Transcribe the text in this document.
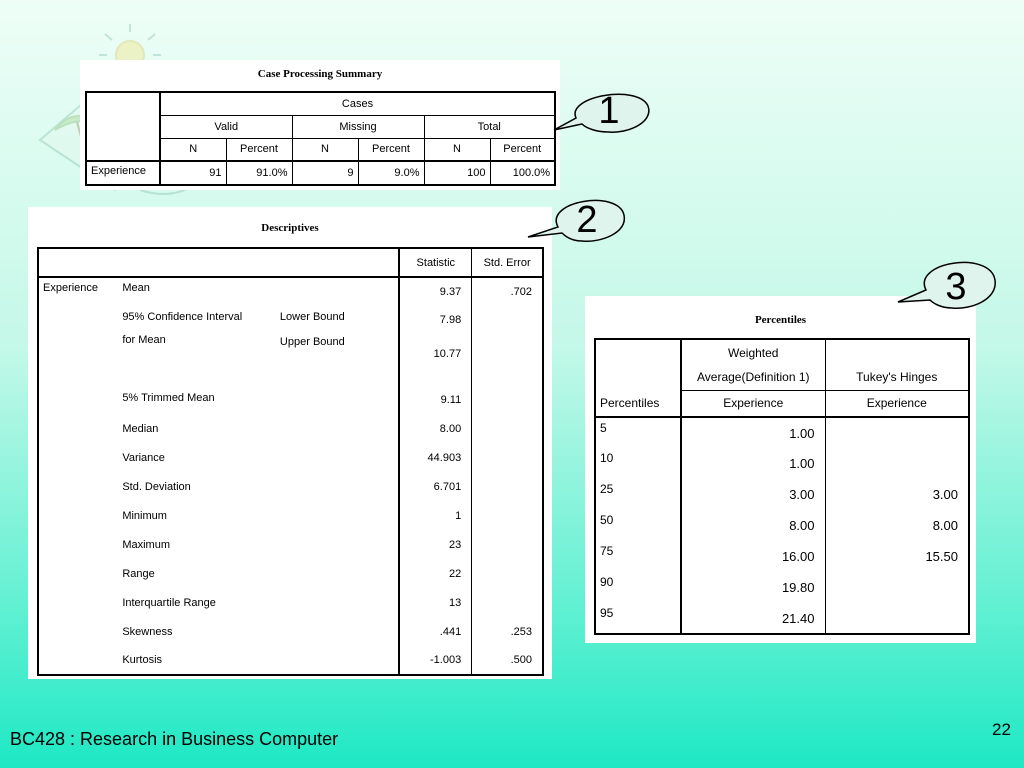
Case Processing Summary
	Cases					
	Valid		Missing		Total	
	N	Percent	N	Percent	N	Percent
Experience	91	91.0%	9	9.0%	100	100.0%
Descriptives
			Statistic	Std. Error
Experience	Mean		9.37	.702
	95% Confidence Interval	Lower Bound	7.98	
	for Mean	Upper Bound	10.77	
	5% Trimmed Mean		9.11	
	Median		8.00	
	Variance		44.903	
	Std. Deviation		6.701	
	Minimum		1	
	Maximum		23	
	Range		22	
	Interquartile Range		13	
	Skewness		.441	.253
	Kurtosis		-1.003	.500
Percentiles
	Weighted	
	Average(Definition 1)	Tukey's Hinges
Percentiles	Experience	Experience
5	1.00	
10	1.00	
25	3.00	3.00
50	8.00	8.00
75	16.00	15.50
90	19.80	
95	21.40	
1
2
3
BC428 : Research in Business Computer	22
